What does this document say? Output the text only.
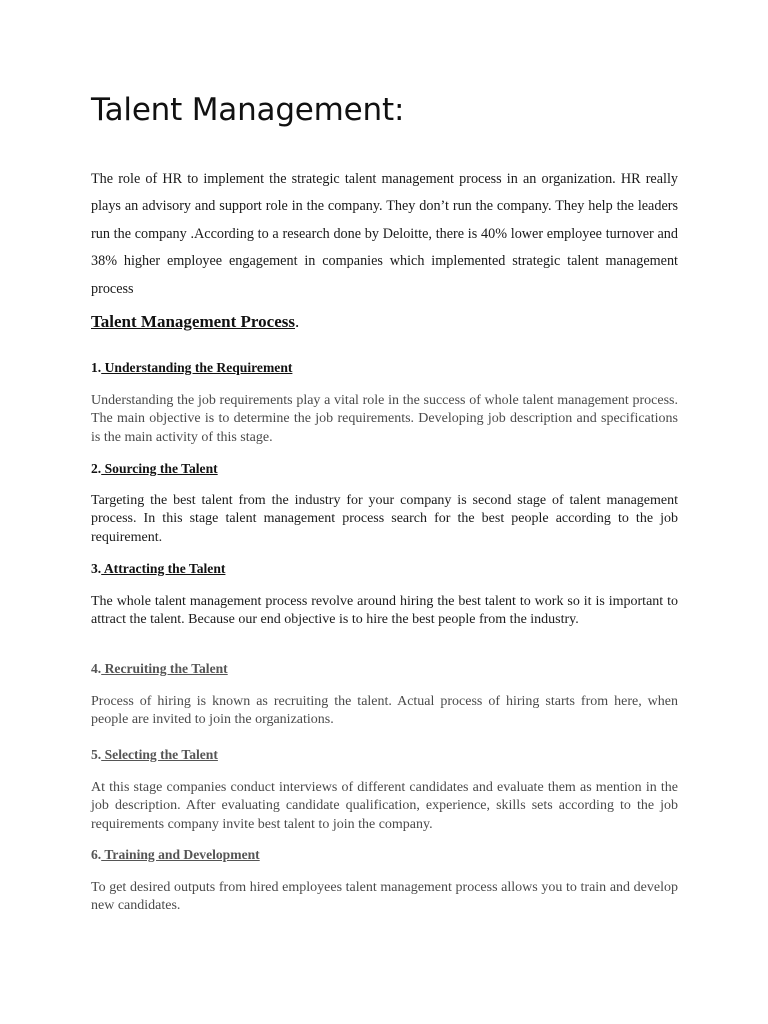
Talent Management:

The role of HR to implement the strategic talent management process in an organization. HR really plays an advisory and support role in the company. They don’t run the company. They help the leaders run the company .According to a research done by Deloitte, there is 40% lower employee turnover and 38% higher employee engagement in companies which implemented strategic talent management process

Talent Management Process.
1. Understanding the Requirement

Understanding the job requirements play a vital role in the success of whole talent management process. The main objective is to determine the job requirements. Developing job description and specifications is the main activity of this stage.

2. Sourcing the Talent

Targeting the best talent from the industry for your company is second stage of talent management process. In this stage talent management process search for the best people according to the job requirement.

3. Attracting the Talent

The whole talent management process revolve around hiring the best talent to work so it is important to attract the talent. Because our end objective is to hire the best people from the industry.

4. Recruiting the Talent

Process of hiring is known as recruiting the talent. Actual process of hiring starts from here, when people are invited to join the organizations.

5. Selecting the Talent

At this stage companies conduct interviews of different candidates and evaluate them as mention in the job description. After evaluating candidate qualification, experience, skills sets according to the job requirements company invite best talent to join the company.

6. Training and Development

To get desired outputs from hired employees talent management process allows you to train and develop new candidates.
